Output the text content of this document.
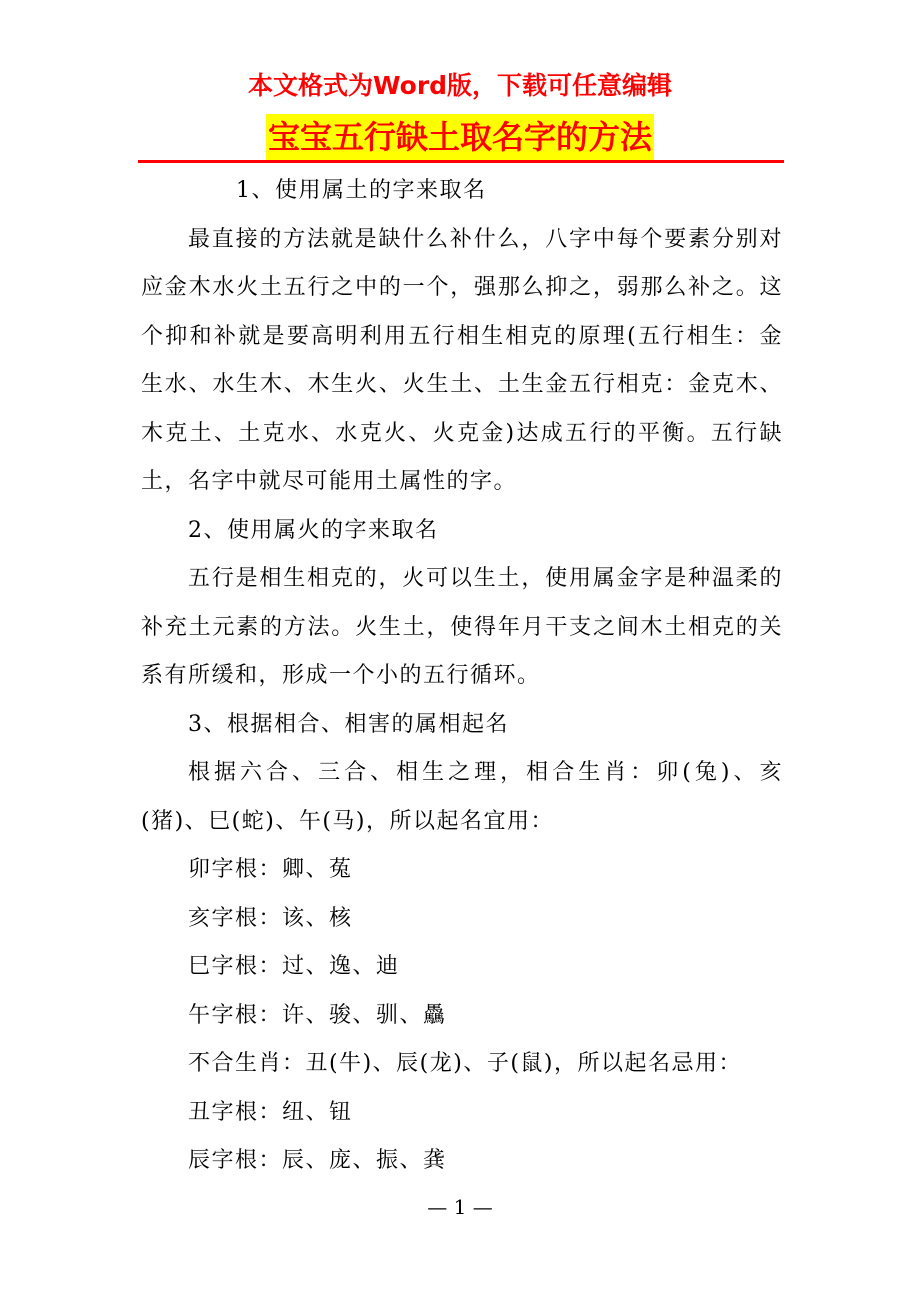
本文格式为Word版，下载可任意编辑
宝宝五行缺土取名字的方法

1、使用属土的字来取名

最直接的方法就是缺什么补什么，八字中每个要素分别对应金木水火土五行之中的一个，强那么抑之，弱那么补之。这个抑和补就是要高明利用五行相生相克的原理(五行相生：金生水、水生木、木生火、火生土、土生金五行相克：金克木、木克土、土克水、水克火、火克金)达成五行的平衡。五行缺土，名字中就尽可能用土属性的字。

2、使用属火的字来取名

五行是相生相克的，火可以生土，使用属金字是种温柔的补充土元素的方法。火生土，使得年月干支之间木土相克的关系有所缓和，形成一个小的五行循环。

3、根据相合、相害的属相起名

根据六合、三合、相生之理，相合生肖：卯(兔)、亥(猪)、巳(蛇)、午(马)，所以起名宜用：

卯字根：卿、菟

亥字根：该、核

巳字根：过、逸、迪

午字根：许、骏、驯、驫

不合生肖：丑(牛)、辰(龙)、子(鼠)，所以起名忌用：

丑字根：纽、钮

辰字根：辰、庞、振、龚

— 1 —
